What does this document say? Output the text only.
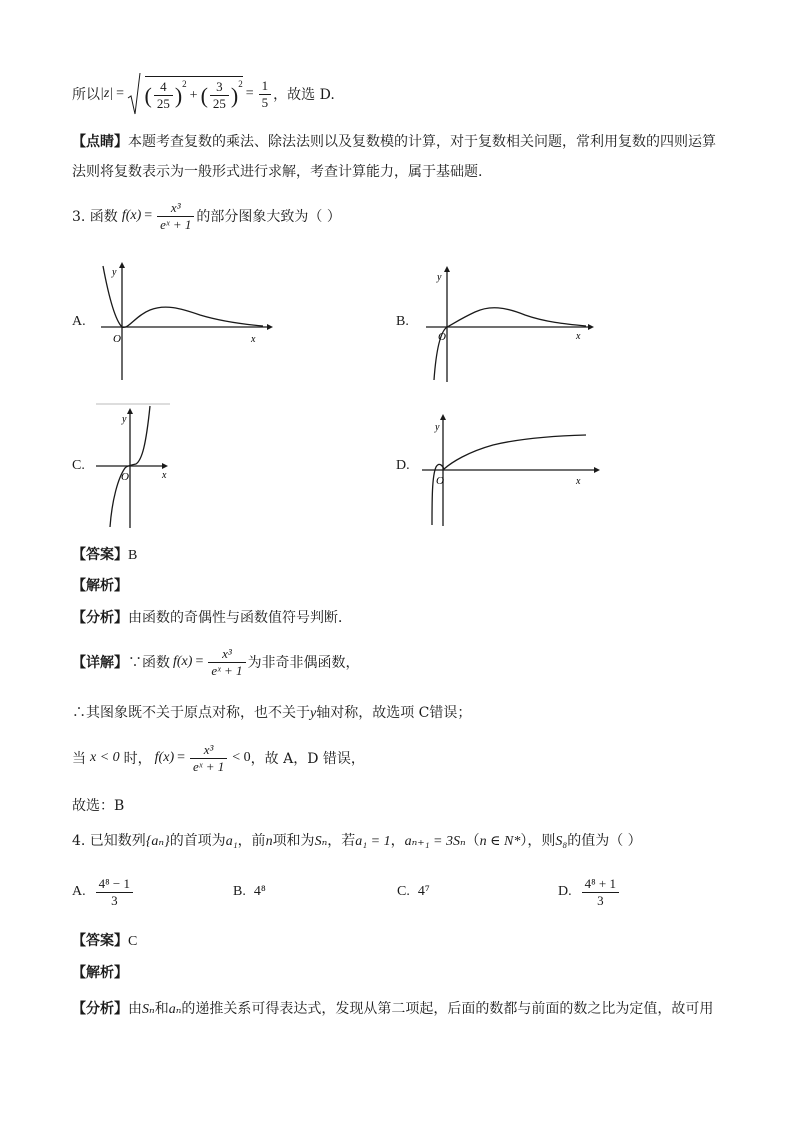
所以 |z| =
( $\frac{4}{25} )^2$
+ ( $\frac{3}{25} )^2$
= $\frac{1}{5}$ ，故选 D.
【点睛】本题考查复数的乘法、除法法则以及复数模的计算，对于复数相关问题，常利用复数的四则运算
法则将复数表示为一般形式进行求解，考查计算能力，属于基础题.
3. 函数 $f(x) = \frac{\text{x³}}{\text{eˣ + 1}}$ 的部分图象大致为（ ）
A.
y
x
O
B.
y
x
O
C.
y
x
O
D.
y
x
O
【答案】B
【解析】
【分析】由函数的奇偶性与函数值符号判断．
【详解】 ∵函数 $f(x) = \frac{\text{x³}}{\text{eˣ + 1}}$ 为非奇非偶函数，
∴其图象既不关于原点对称，也不关于y轴对称，故选项 C错误；
当 x < 0 时， $f(x) = \frac{\text{x³}}{\text{eˣ + 1}} < 0$ ，故 A，D 错误，
故选：B
4. 已知数列{aₙ}的首项为a₁，前n项和为Sₙ，若a₁ = 1，aₙ₊₁ = 3Sₙ（n ∈ N*），则S₈的值为（ ）
A. $\frac{\text{4⁸ − 1}}{3}$	B. 4⁸	C. 4⁷	D. $\frac{\text{4⁸ + 1}}{3}$
【答案】C
【解析】
【分析】由Sₙ和aₙ的递推关系可得表达式，发现从第二项起，后面的数都与前面的数之比为定值，故可用
